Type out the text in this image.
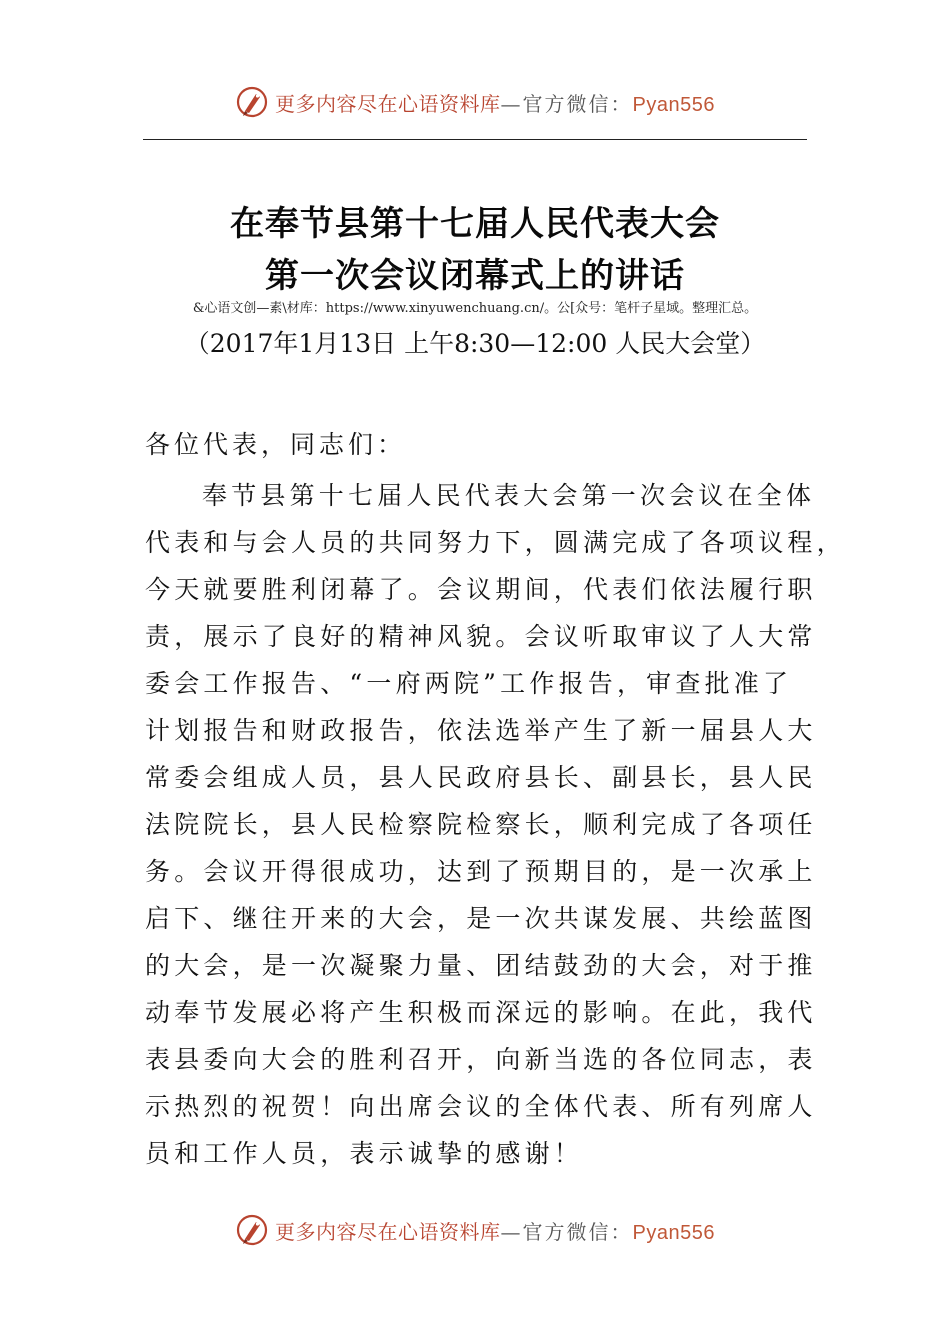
更多内容尽在心语资料库—官方微信：Pyan556
在奉节县第十七届人民代表大会
第一次会议闭幕式上的讲话
&心语文创—素\材库：https://www.xinyuwenchuang.cn/。公[众号：笔杆子星域。整理汇总。
（2017年1月13日 上午8:30—12:00 人民大会堂）
各位代表，同志们：
奉节县第十七届人民代表大会第一次会议在全体
代表和与会人员的共同努力下，圆满完成了各项议程，
今天就要胜利闭幕了。会议期间，代表们依法履行职
责，展示了良好的精神风貌。会议听取审议了人大常
委会工作报告、“一府两院”工作报告，审查批准了
计划报告和财政报告，依法选举产生了新一届县人大
常委会组成人员，县人民政府县长、副县长，县人民
法院院长，县人民检察院检察长，顺利完成了各项任
务。会议开得很成功，达到了预期目的，是一次承上
启下、继往开来的大会，是一次共谋发展、共绘蓝图
的大会，是一次凝聚力量、团结鼓劲的大会，对于推
动奉节发展必将产生积极而深远的影响。在此，我代
表县委向大会的胜利召开，向新当选的各位同志，表
示热烈的祝贺！向出席会议的全体代表、所有列席人
员和工作人员，表示诚挚的感谢！
更多内容尽在心语资料库—官方微信：Pyan556
